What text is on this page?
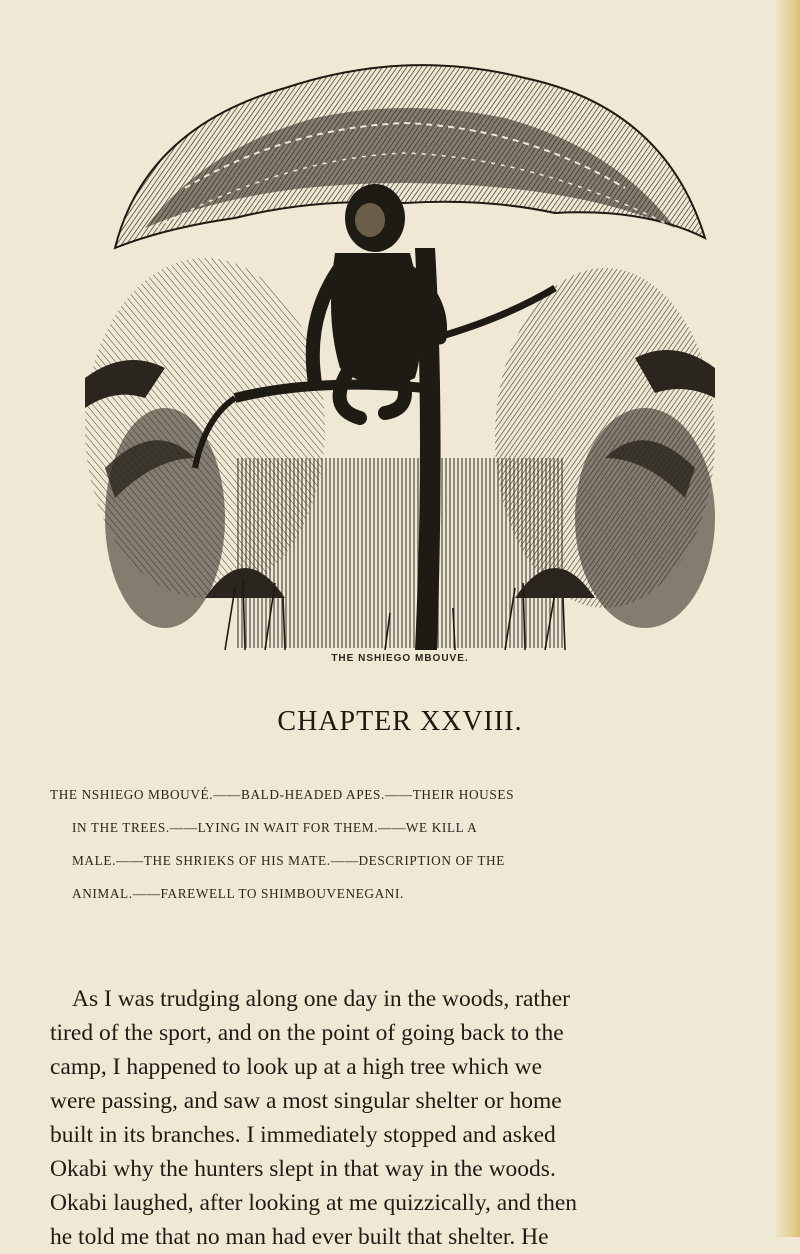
THE NSHIEGO MBOUVE.
CHAPTER XXVIII.
THE NSHIEGO MBOUVÉ.——BALD-HEADED APES.——THEIR HOUSES
IN THE TREES.——LYING IN WAIT FOR THEM.——WE KILL A
MALE.——THE SHRIEKS OF HIS MATE.——DESCRIPTION OF THE
ANIMAL.——FAREWELL TO SHIMBOUVENEGANI.
As I was trudging along one day in the woods, rather
tired of the sport, and on the point of going back to the
camp, I happened to look up at a high tree which we
were passing, and saw a most singular shelter or home
built in its branches. I immediately stopped and asked
Okabi why the hunters slept in that way in the woods.
Okabi laughed, after looking at me quizzically, and then
he told me that no man had ever built that shelter. He
